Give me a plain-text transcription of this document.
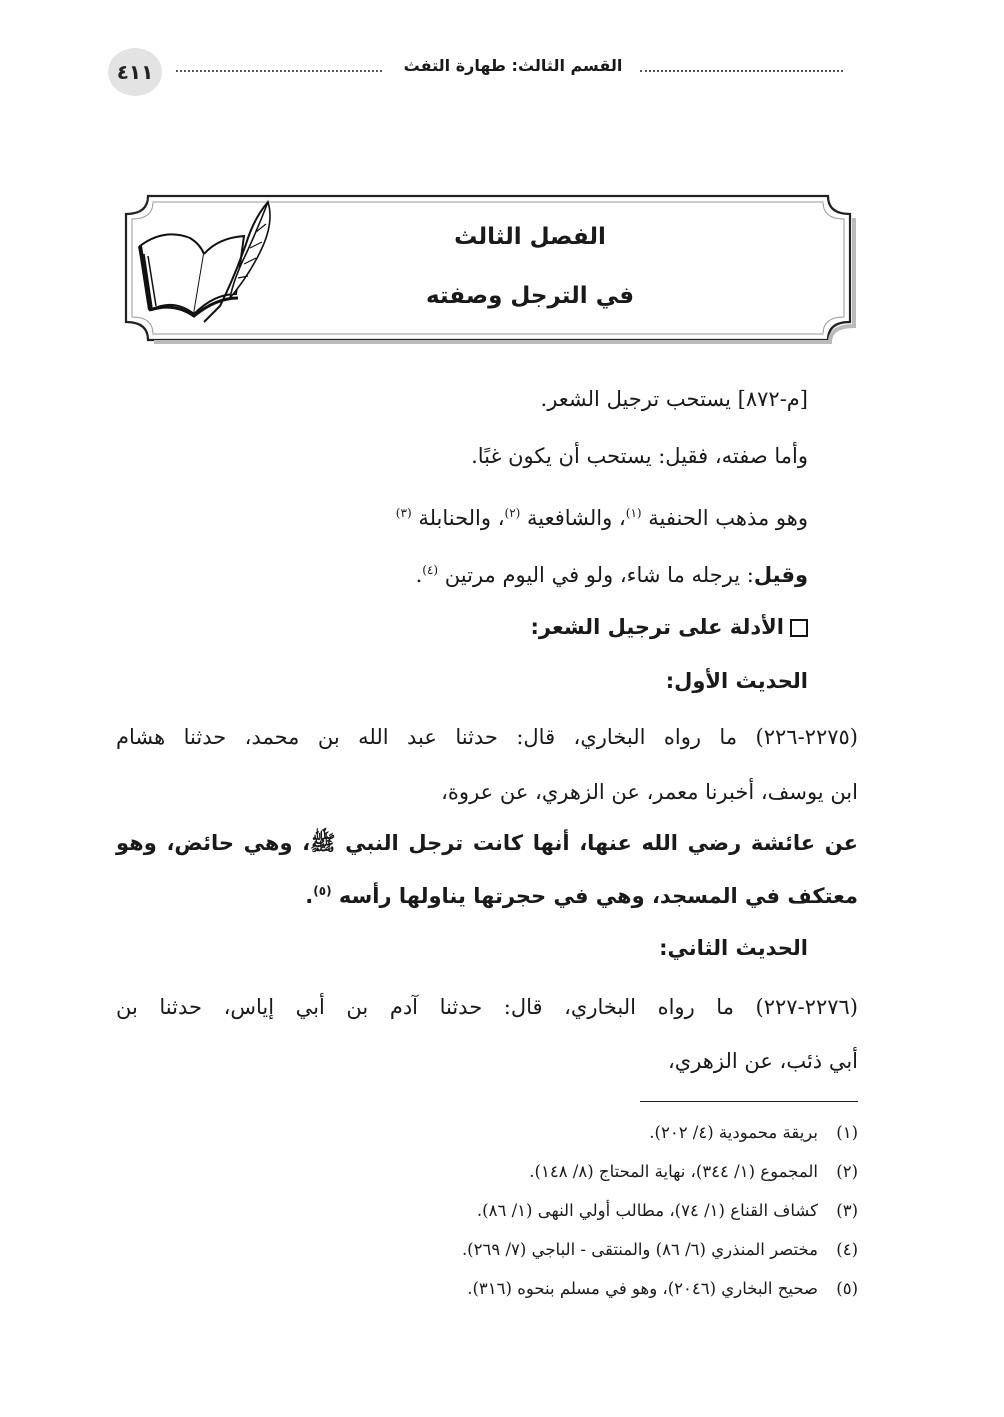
٤١١	القسم الثالث: طهارة التفث
الفصل الثالث
في الترجل وصفته
[م-٨٧٢] يستحب ترجيل الشعر.
وأما صفته، فقيل: يستحب أن يكون غبًا.
وهو مذهب الحنفية $^{(١)}$، والشافعية $^{(٢)}$، والحنابلة $^{(٣)}$
وقيل: يرجله ما شاء، ولو في اليوم مرتين $^{(٤)}$.
الأدلة على ترجيل الشعر:
الحديث الأول:
(٢٢٧٥-٢٢٦) ما رواه البخاري، قال: حدثنا عبد الله بن محمد، حدثنا هشام
ابن يوسف، أخبرنا معمر، عن الزهري، عن عروة،
عن عائشة رضي الله عنها، أنها كانت ترجل النبي ﷺ، وهي حائض، وهو
معتكف في المسجد، وهي في حجرتها يناولها رأسه $^{(٥)}$.
الحديث الثاني:
(٢٢٧٦-٢٢٧) ما رواه البخاري، قال: حدثنا آدم بن أبي إياس، حدثنا بن
أبي ذئب، عن الزهري،
(١)بريقة محمودية (٤/ ٢٠٢).
(٢)المجموع (١/ ٣٤٤)، نهاية المحتاج (٨/ ١٤٨).
(٣)كشاف القناع (١/ ٧٤)، مطالب أولي النهى (١/ ٨٦).
(٤)مختصر المنذري (٦/ ٨٦) والمنتقى - الباجي (٧/ ٢٦٩).
(٥)صحيح البخاري (٢٠٤٦)، وهو في مسلم بنحوه (٣١٦).
